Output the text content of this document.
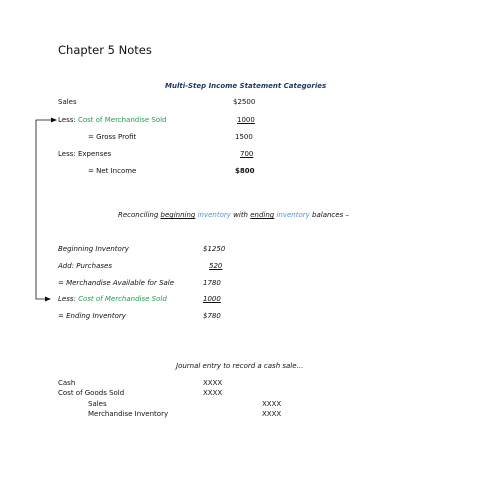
Chapter 5 Notes
Multi-Step Income Statement Categories
Sales	$2500
Less: Cost of Merchandise Sold	1000
= Gross Profit	1500
Less: Expenses	700
= Net Income	$800
Reconciling beginning inventory with ending inventory balances –
Beginning Inventory	$1250
Add: Purchases	520
= Merchandise Available for Sale	1780
Less: Cost of Merchandise Sold	1000
= Ending Inventory	$780
Journal entry to record a cash sale…
Cash	XXXX
Cost of Goods Sold	XXXX
Sales	XXXX
Merchandise Inventory	XXXX
